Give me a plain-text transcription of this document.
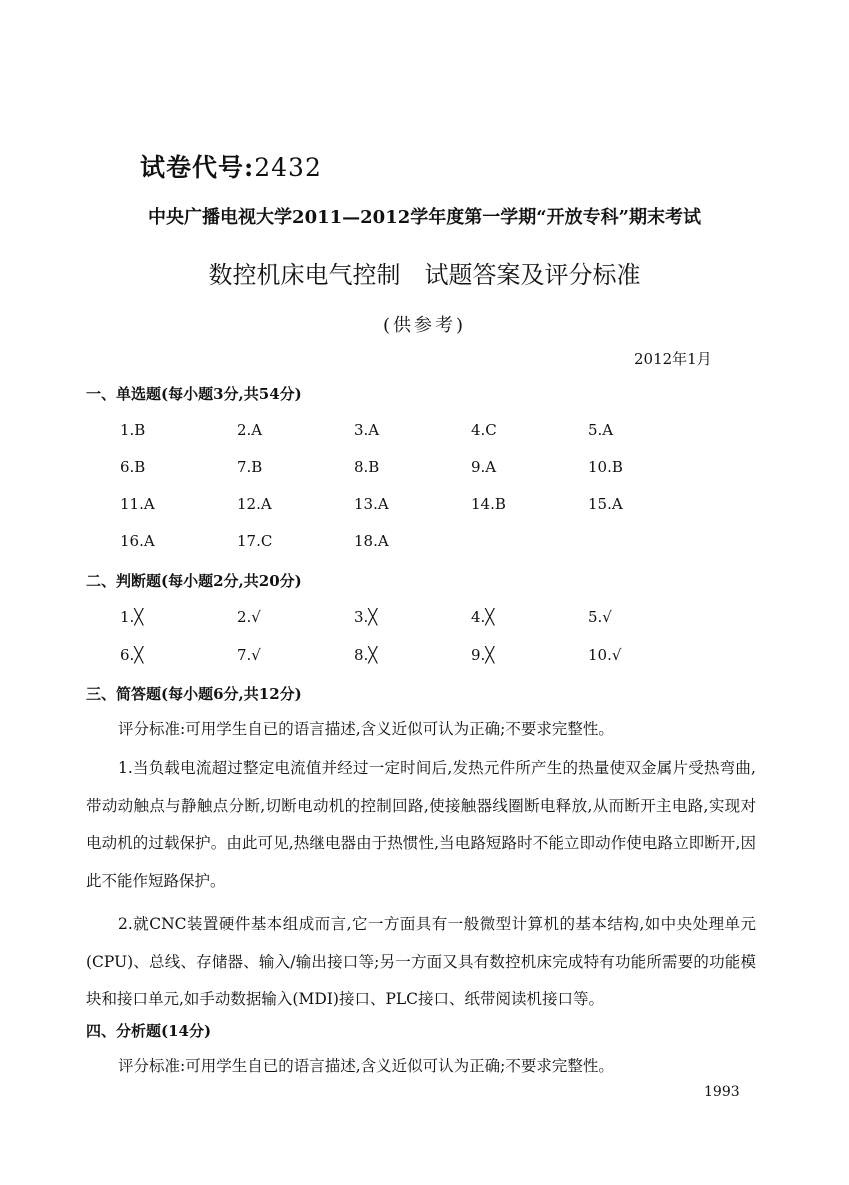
试卷代号:2432
中央广播电视大学2011—2012学年度第一学期“开放专科”期末考试
数控机床电气控制　试题答案及评分标准
(供参考)
2012年1月
一、单选题(每小题3分,共54分)
1.B	2.A	3.A	4.C	5.A
6.B	7.B	8.B	9.A	10.B
11.A	12.A	13.A	14.B	15.A
16.A	17.C	18.A
二、判断题(每小题2分,共20分)
1.╳	2.√	3.╳	4.╳	5.√
6.╳	7.√	8.╳	9.╳	10.√
三、简答题(每小题6分,共12分)
评分标准:可用学生自已的语言描述,含义近似可认为正确;不要求完整性。
1.当负载电流超过整定电流值并经过一定时间后,发热元件所产生的热量使双金属片受热弯曲,带动动触点与静触点分断,切断电动机的控制回路,使接触器线圈断电释放,从而断开主电路,实现对电动机的过载保护。由此可见,热继电器由于热惯性,当电路短路时不能立即动作使电路立即断开,因此不能作短路保护。
2.就CNC装置硬件基本组成而言,它一方面具有一般微型计算机的基本结构,如中央处理单元(CPU)、总线、存储器、输入/输出接口等;另一方面又具有数控机床完成特有功能所需要的功能模块和接口单元,如手动数据输入(MDI)接口、PLC接口、纸带阅读机接口等。
四、分析题(14分)
评分标准:可用学生自已的语言描述,含义近似可认为正确;不要求完整性。
1993
